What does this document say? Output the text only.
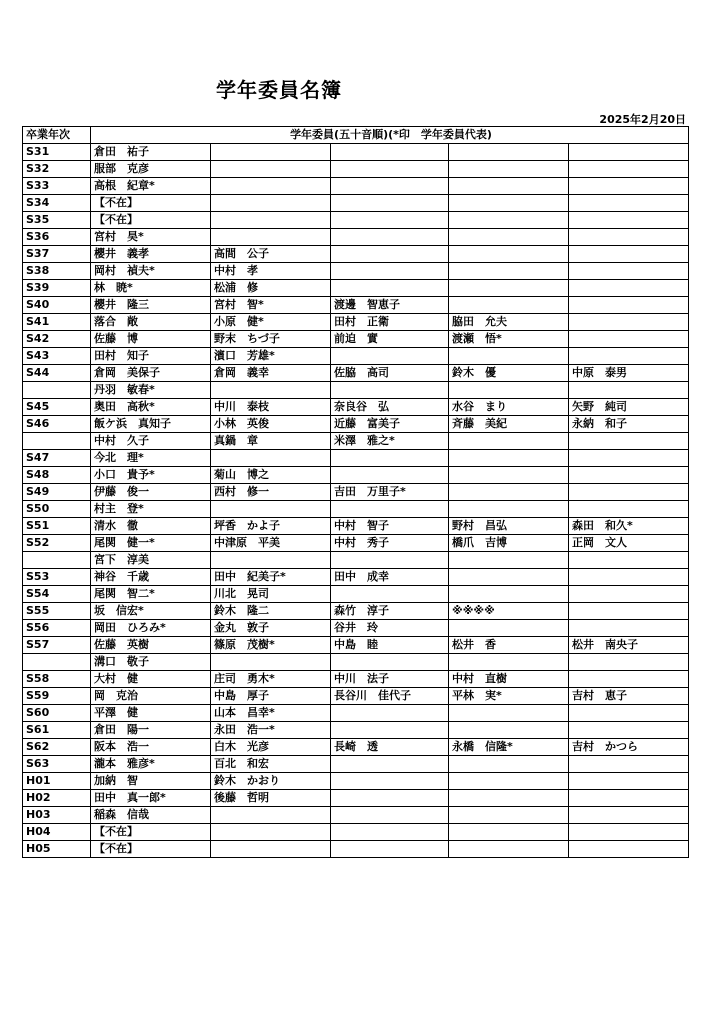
学年委員名簿
2025年2月20日
卒業年次	学年委員(五十音順)(*印　学年委員代表)				
S31	倉田　祐子				
S32	服部　克彦				
S33	高根　紀章*				
S34	【不在】				
S35	【不在】				
S36	宮村　昊*				
S37	櫻井　義孝	高間　公子			
S38	岡村　禎夫*	中村　孝			
S39	林　暁*	松浦　修			
S40	櫻井　隆三	宮村　智*	渡邊　智恵子		
S41	落合　敞	小原　健*	田村　正衛	脇田　允夫	
S42	佐藤　博	野末　ちづ子	前迫　實	渡瀬　悟*	
S43	田村　知子	濱口　芳雄*			
S44	倉岡　美保子	倉岡　義幸	佐脇　高司	鈴木　優	中原　泰男
	丹羽　敏春*				
S45	奥田　高秋*	中川　泰枝	奈良谷　弘	水谷　まり	矢野　純司
S46	飯ケ浜　真知子	小林　英俊	近藤　富美子	斉藤　美紀	永納　和子
	中村　久子	真鍋　章	米澤　雅之*		
S47	今北　理*				
S48	小口　貴予*	菊山　博之			
S49	伊藤　俊一	西村　修一	吉田　万里子*		
S50	村主　登*				
S51	清水　徹	坪香　かよ子	中村　智子	野村　昌弘	森田　和久*
S52	尾関　健一*	中津原　平美	中村　秀子	橋爪　吉博	正岡　文人
	宮下　淳美				
S53	神谷　千歳	田中　紀美子*	田中　成幸		
S54	尾関　智二*	川北　晃司			
S55	坂　信宏*	鈴木　隆二	森竹　淳子	※※※※	
S56	岡田　ひろみ*	金丸　敦子	谷井　玲		
S57	佐藤　英樹	篠原　茂樹*	中島　睦	松井　香	松井　南央子
	溝口　敬子				
S58	大村　健	庄司　勇木*	中川　法子	中村　直樹	
S59	岡　克治	中島　厚子	長谷川　佳代子	平林　実*	吉村　恵子
S60	平澤　健	山本　昌幸*			
S61	倉田　陽一	永田　浩一*			
S62	阪本　浩一	白木　光彦	長崎　透	永橋　信隆*	吉村　かつら
S63	瀧本　雅彦*	百北　和宏			
H01	加納　智	鈴木　かおり			
H02	田中　真一郎*	後藤　哲明			
H03	稲森　信哉				
H04	【不在】				
H05	【不在】				
